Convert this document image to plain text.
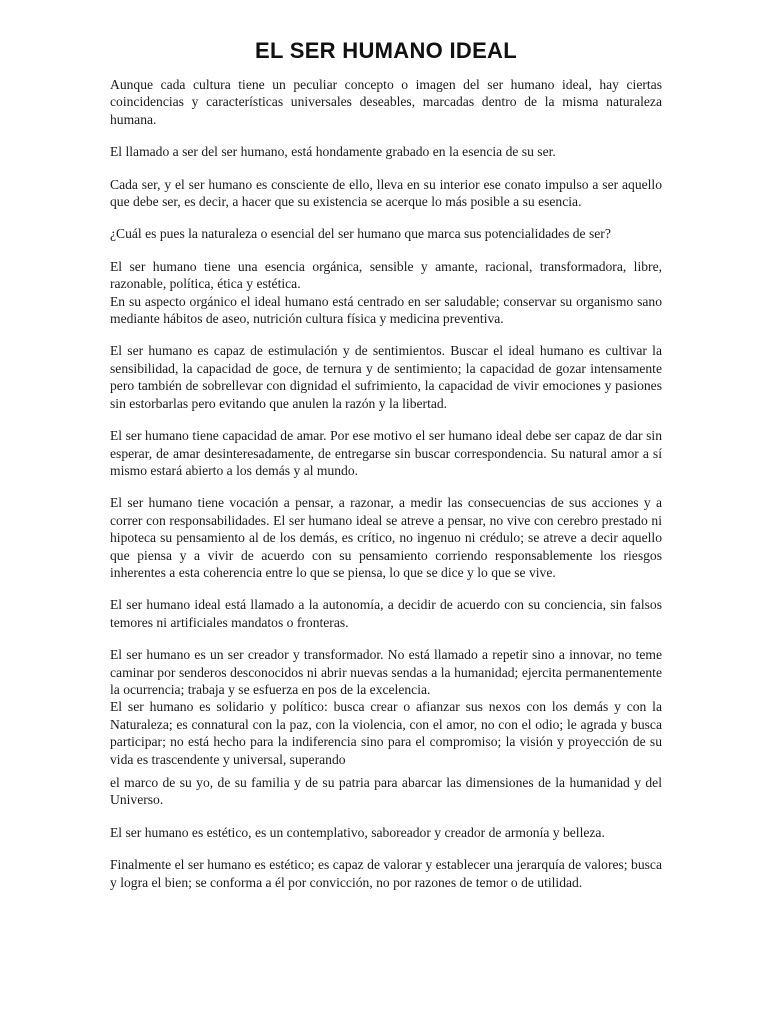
EL SER HUMANO IDEAL

Aunque cada cultura tiene un peculiar concepto o imagen del ser humano ideal, hay ciertas coincidencias y características universales deseables, marcadas dentro de la misma naturaleza humana.

El llamado a ser del ser humano, está hondamente grabado en la esencia de su ser.

Cada ser, y el ser humano es consciente de ello, lleva en su interior ese conato impulso a ser aquello que debe ser, es decir, a hacer que su existencia se acerque lo más posible a su esencia.

¿Cuál es pues la naturaleza o esencial del ser humano que marca sus potencialidades de ser?

El ser humano tiene una esencia orgánica, sensible y amante, racional, transformadora, libre, razonable, política, ética y estética.

En su aspecto orgánico el ideal humano está centrado en ser saludable; conservar su organismo sano mediante hábitos de aseo, nutrición cultura física y medicina preventiva.

El ser humano es capaz de estimulación y de sentimientos. Buscar el ideal humano es cultivar la sensibilidad, la capacidad de goce, de ternura y de sentimiento; la capacidad de gozar intensamente pero también de sobrellevar con dignidad el sufrimiento, la capacidad de vivir emociones y pasiones sin estorbarlas pero evitando que anulen la razón y la libertad.

El ser humano tiene capacidad de amar. Por ese motivo el ser humano ideal debe ser capaz de dar sin esperar, de amar desinteresadamente, de entregarse sin buscar correspondencia. Su natural amor a sí mismo estará abierto a los demás y al mundo.

El ser humano tiene vocación a pensar, a razonar, a medir las consecuencias de sus acciones y a correr con responsabilidades. El ser humano ideal se atreve a pensar, no vive con cerebro prestado ni hipoteca su pensamiento al de los demás, es crítico, no ingenuo ni crédulo; se atreve a decir aquello que piensa y a vivir de acuerdo con su pensamiento corriendo responsablemente los riesgos inherentes a esta coherencia entre lo que se piensa, lo que se dice y lo que se vive.

El ser humano ideal está llamado a la autonomía, a decidir de acuerdo con su conciencia, sin falsos temores ni artificiales mandatos o fronteras.

El ser humano es un ser creador y transformador. No está llamado a repetir sino a innovar, no teme caminar por senderos desconocidos ni abrir nuevas sendas a la humanidad; ejercita permanentemente la ocurrencia; trabaja y se esfuerza en pos de la excelencia.

El ser humano es solidario y político: busca crear o afianzar sus nexos con los demás y con la Naturaleza; es connatural con la paz, con la violencia, con el amor, no con el odio; le agrada y busca participar; no está hecho para la indiferencia sino para el compromiso; la visión y proyección de su vida es trascendente y universal, superando

el marco de su yo, de su familia y de su patria para abarcar las dimensiones de la humanidad y del Universo.

El ser humano es estético, es un contemplativo, saboreador y creador de armonía y belleza.

Finalmente el ser humano es estético; es capaz de valorar y establecer una jerarquía de valores; busca y logra el bien; se conforma a él por convicción, no por razones de temor o de utilidad.
